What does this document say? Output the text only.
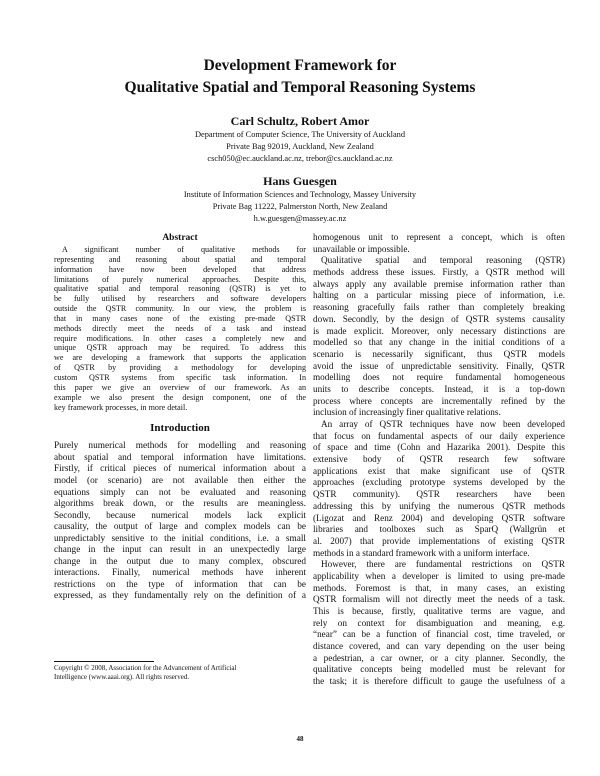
Development Framework for
Qualitative Spatial and Temporal Reasoning Systems
Carl Schultz, Robert Amor
Department of Computer Science, The University of Auckland
Private Bag 92019, Auckland, New Zealand
csch050@ec.auckland.ac.nz, trebor@cs.auckland.ac.nz
Hans Guesgen
Institute of Information Sciences and Technology, Massey University
Private Bag 11222, Palmerston North, New Zealand
h.w.guesgen@massey.ac.nz
Abstract
A significant number of qualitative methods for
representing and reasoning about spatial and temporal
information have now been developed that address
limitations of purely numerical approaches. Despite this,
qualitative spatial and temporal reasoning (QSTR) is yet to
be fully utilised by researchers and software developers
outside the QSTR community. In our view, the problem is
that in many cases none of the existing pre-made QSTR
methods directly meet the needs of a task and instead
require modifications. In other cases a completely new and
unique QSTR approach may be required. To address this
we are developing a framework that supports the application
of QSTR by providing a methodology for developing
custom QSTR systems from specific task information. In
this paper we give an overview of our framework. As an
example we also present the design component, one of the
key framework processes, in more detail.
Introduction
Purely numerical methods for modelling and reasoning
about spatial and temporal information have limitations.
Firstly, if critical pieces of numerical information about a
model (or scenario) are not available then either the
equations simply can not be evaluated and reasoning
algorithms break down, or the results are meaningless.
Secondly, because numerical models lack explicit
causality, the output of large and complex models can be
unpredictably sensitive to the initial conditions, i.e. a small
change in the input can result in an unexpectedly large
change in the output due to many complex, obscured
interactions. Finally, numerical methods have inherent
restrictions on the type of information that can be
expressed, as they fundamentally rely on the definition of a
homogenous unit to represent a concept, which is often
unavailable or impossible.
Qualitative spatial and temporal reasoning (QSTR)
methods address these issues. Firstly, a QSTR method will
always apply any available premise information rather than
halting on a particular missing piece of information, i.e.
reasoning gracefully fails rather than completely breaking
down. Secondly, by the design of QSTR systems causality
is made explicit. Moreover, only necessary distinctions are
modelled so that any change in the initial conditions of a
scenario is necessarily significant, thus QSTR models
avoid the issue of unpredictable sensitivity. Finally, QSTR
modelling does not require fundamental homogeneous
units to describe concepts. Instead, it is a top-down
process where concepts are incrementally refined by the
inclusion of increasingly finer qualitative relations.
An array of QSTR techniques have now been developed
that focus on fundamental aspects of our daily experience
of space and time (Cohn and Hazarika 2001). Despite this
extensive body of QSTR research few software
applications exist that make significant use of QSTR
approaches (excluding prototype systems developed by the
QSTR community). QSTR researchers have been
addressing this by unifying the numerous QSTR methods
(Ligozat and Renz 2004) and developing QSTR software
libraries and toolboxes such as SparQ (Wallgrün et
al. 2007) that provide implementations of existing QSTR
methods in a standard framework with a uniform interface.
However, there are fundamental restrictions on QSTR
applicability when a developer is limited to using pre-made
methods. Foremost is that, in many cases, an existing
QSTR formalism will not directly meet the needs of a task.
This is because, firstly, qualitative terms are vague, and
rely on context for disambiguation and meaning, e.g.
“near” can be a function of financial cost, time traveled, or
distance covered, and can vary depending on the user being
a pedestrian, a car owner, or a city planner. Secondly, the
qualitative concepts being modelled must be relevant for
the task; it is therefore difficult to gauge the usefulness of a
Copyright © 2008, Association for the Advancement of Artificial
Intelligence (www.aaai.org). All rights reserved.
48
